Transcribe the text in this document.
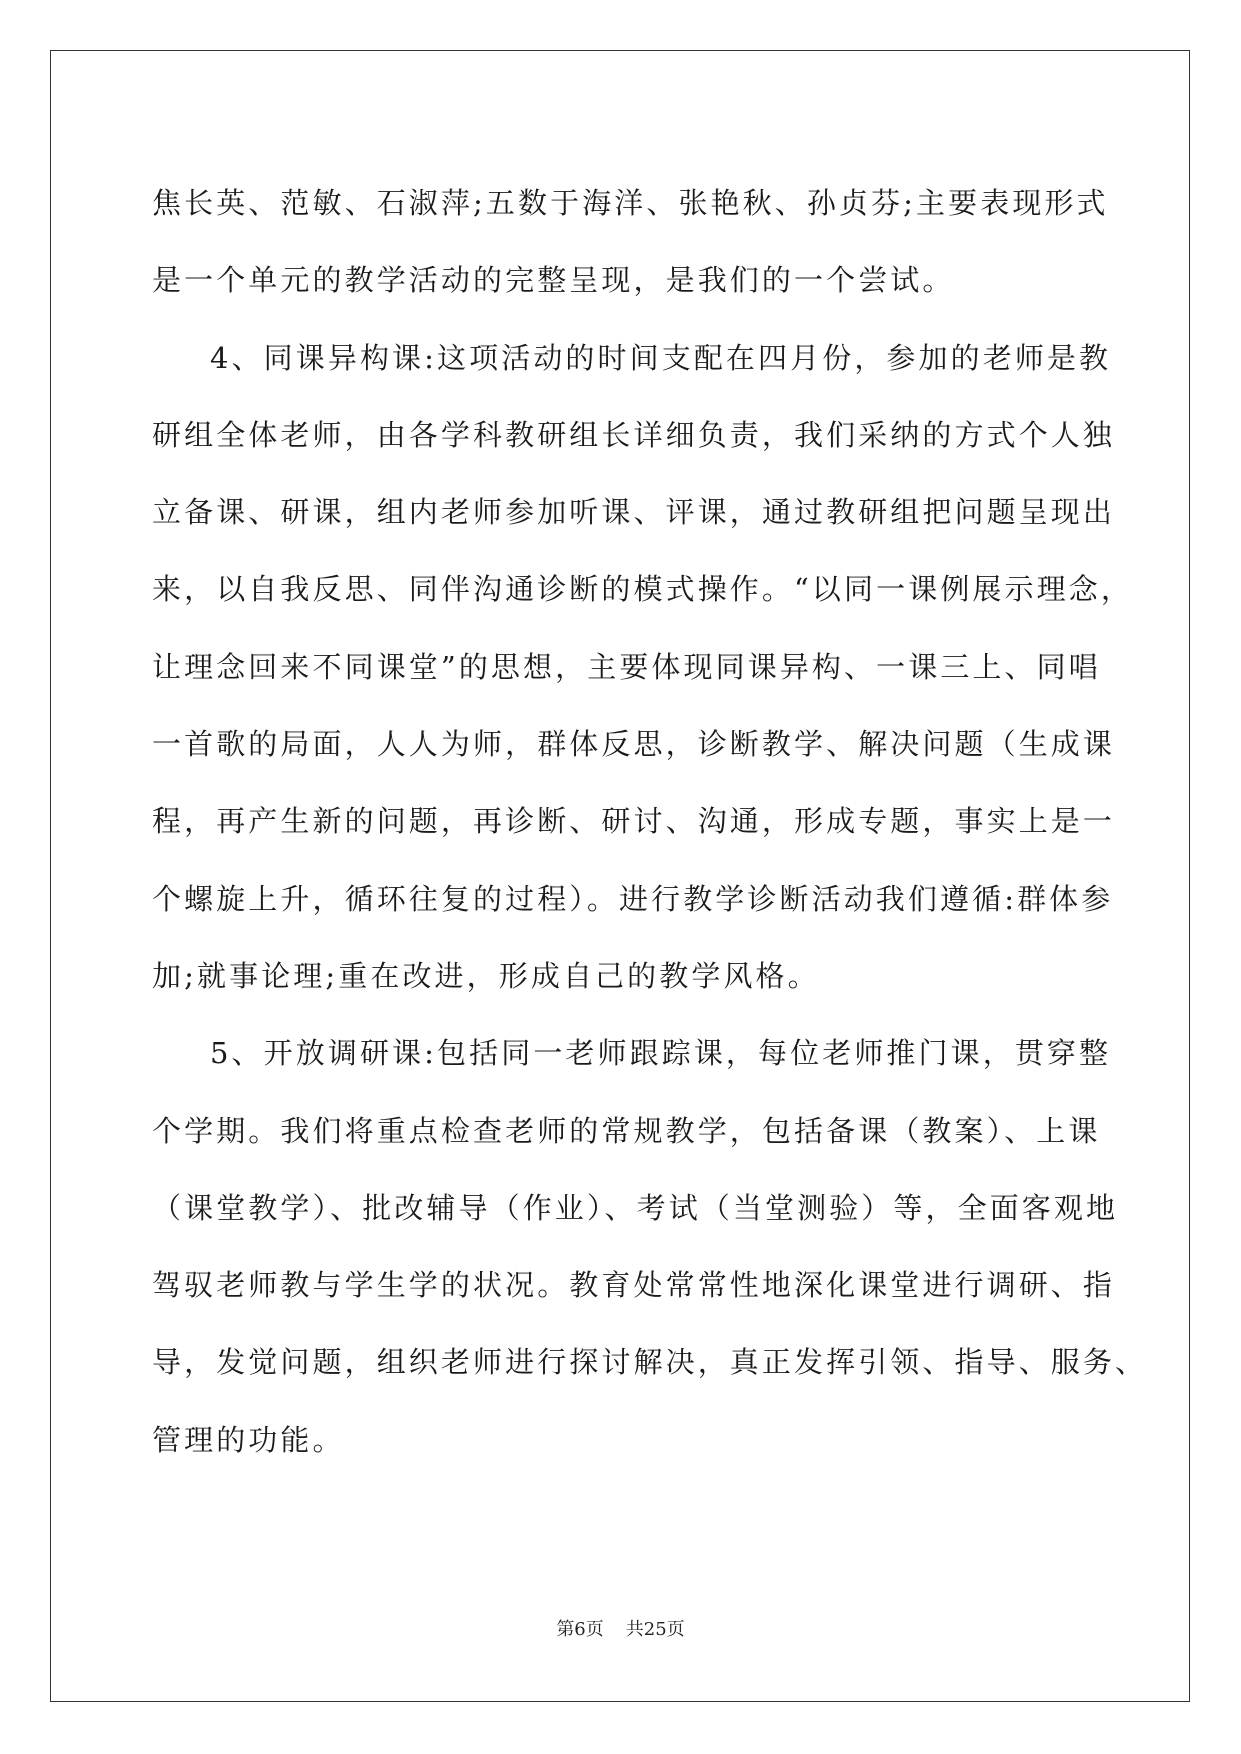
焦长英、范敏、石淑萍;五数于海洋、张艳秋、孙贞芬;主要表现形式
是一个单元的教学活动的完整呈现，是我们的一个尝试。
4、同课异构课:这项活动的时间支配在四月份，参加的老师是教
研组全体老师，由各学科教研组长详细负责，我们采纳的方式个人独
立备课、研课，组内老师参加听课、评课，通过教研组把问题呈现出
来，以自我反思、同伴沟通诊断的模式操作。“以同一课例展示理念，
让理念回来不同课堂”的思想，主要体现同课异构、一课三上、同唱
一首歌的局面，人人为师，群体反思，诊断教学、解决问题（生成课
程，再产生新的问题，再诊断、研讨、沟通，形成专题，事实上是一
个螺旋上升，循环往复的过程）。进行教学诊断活动我们遵循:群体参
加;就事论理;重在改进，形成自己的教学风格。
5、开放调研课:包括同一老师跟踪课，每位老师推门课，贯穿整
个学期。我们将重点检查老师的常规教学，包括备课（教案）、上课
（课堂教学）、批改辅导（作业）、考试（当堂测验）等，全面客观地
驾驭老师教与学生学的状况。教育处常常性地深化课堂进行调研、指
导，发觉问题，组织老师进行探讨解决，真正发挥引领、指导、服务、
管理的功能。
第6页 共25页
